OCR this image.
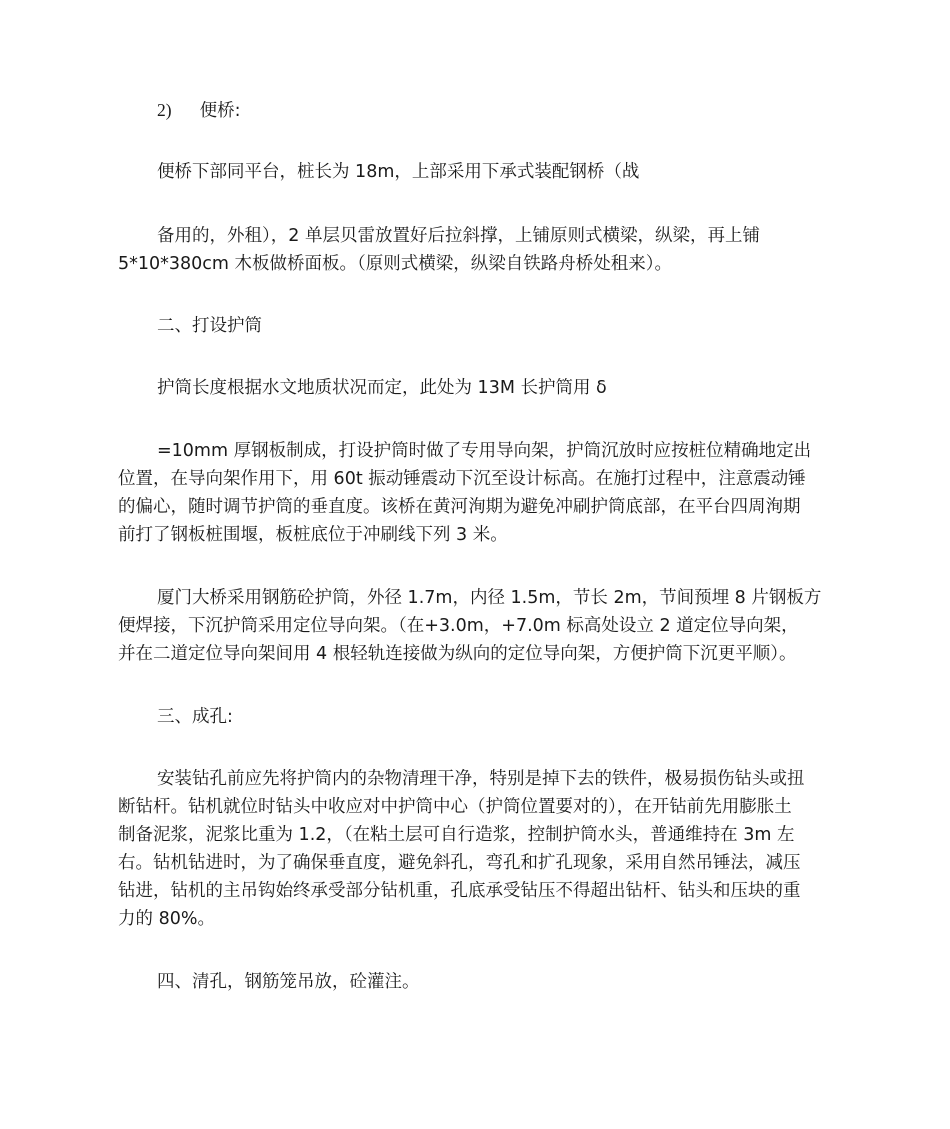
2) 便桥:
便桥下部同平台，桩长为 18m，上部采用下承式装配钢桥（战
备用的，外租），2 单层贝雷放置好后拉斜撑，上铺原则式横梁，纵梁，再上铺
5*10*380cm 木板做桥面板。（原则式横梁，纵梁自铁路舟桥处租来）。
二、打设护筒
护筒长度根据水文地质状况而定，此处为 13M 长护筒用 δ
=10mm 厚钢板制成，打设护筒时做了专用导向架，护筒沉放时应按桩位精确地定出
位置，在导向架作用下，用 60t 振动锤震动下沉至设计标高。在施打过程中，注意震动锤
的偏心，随时调节护筒的垂直度。该桥在黄河洵期为避免冲刷护筒底部，在平台四周洵期
前打了钢板桩围堰，板桩底位于冲刷线下列 3 米。
厦门大桥采用钢筋砼护筒，外径 1.7m，内径 1.5m，节长 2m，节间预埋 8 片钢板方
便焊接，下沉护筒采用定位导向架。（在+3.0m，+7.0m 标高处设立 2 道定位导向架，
并在二道定位导向架间用 4 根轻轨连接做为纵向的定位导向架，方便护筒下沉更平顺）。
三、成孔:
安装钻孔前应先将护筒内的杂物清理干净，特别是掉下去的铁件，极易损伤钻头或扭
断钻杆。钻机就位时钻头中收应对中护筒中心（护筒位置要对的），在开钻前先用膨胀土
制备泥浆，泥浆比重为 1.2，（在粘土层可自行造浆，控制护筒水头，普通维持在 3m 左
右。钻机钻进时，为了确保垂直度，避免斜孔，弯孔和扩孔现象，采用自然吊锤法，减压
钻进，钻机的主吊钩始终承受部分钻机重，孔底承受钻压不得超出钻杆、钻头和压块的重
力的 80%。
四、清孔，钢筋笼吊放，砼灌注。
